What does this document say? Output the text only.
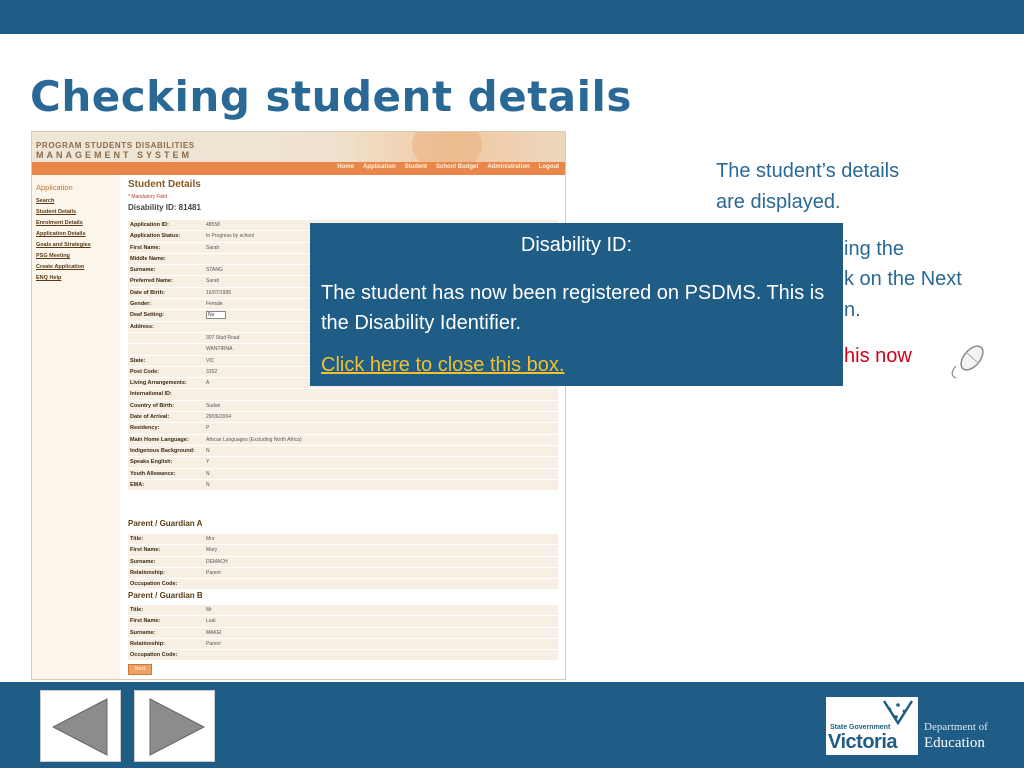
Checking student details
PROGRAM STUDENTS DISABILITIES
MANAGEMENT SYSTEM
Home Application Student School Budget Administration Logout
Application
Search
Student Details
Enrolment Details
Application Details
Goals and Strategies
PSG Meeting
Create Application
ENQ Help
Student Details
* Mandatory Field
Disability ID: 81481
Application ID:	48558
Application Status:	In Progress by school
First Name:	Sarah
Middle Name:
Surname:	STANG
Preferred Name:	Sarah
Date of Birth:	16/07/1995
Gender:	Female
Deaf Setting:	No
Address:
307 Stud Road
WANTIRNA
State:	VIC
Post Code:	3152
Living Arrangements:	A
International ID:
Country of Birth:	Sudan
Date of Arrival:	29/06/2004
Residency:	P
Main Home Language:	African Languages (Excluding North Africa)
Indigenous Background:	N
Speaks English:	Y
Youth Allowance:	N
EMA:	N
Parent / Guardian A
Title:	Mrs
First Name:	Mary
Surname:	DEMACH
Relationship:	Parent
Occupation Code:
Parent / Guardian B
Title:	Mr
First Name:	Lual
Surname:	MAKEI
Relationship:	Parent
Occupation Code:
Next
The student’s details
are displayed.
ing the
k on the Next
n.
his now
Disability ID:
The student has now been registered on PSDMS. This is the Disability Identifier.
Click here to close this box.
State Government
Victoria
Department of
Education
